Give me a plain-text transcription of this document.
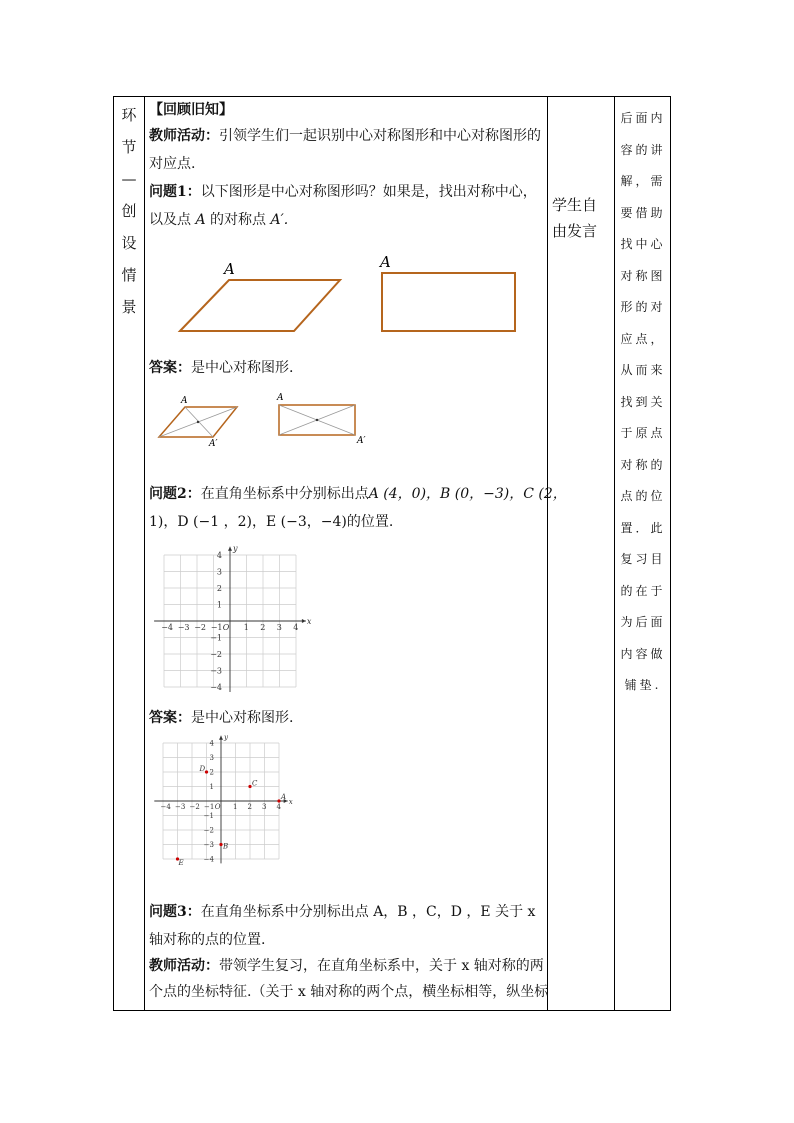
环
节
—
创
设
情
景
【回顾旧知】
教师活动：引领学生们一起识别中心对称图形和中心对称图形的
对应点.
问题1：以下图形是中心对称图形吗？如果是，找出对称中心，
以及点 A 的对称点 A′.
A	A
答案：是中心对称图形.
A
A′
A
A′
问题2：在直角坐标系中分别标出点A (4，0)，B (0，−3)，C (2，
1)，D (−1 ，2)，E (−3，−4)的位置.
−4
−4
−3
−3
−2
−2
−1
−1
1
1
2
2
3
3
4
4
O
x
y
答案：是中心对称图形.
−4
−4
−3
−3
−2
−2
−1
−1
1
1
2
2
3
3
4
4
O
x
y
A
B
C
D
E
问题3：在直角坐标系中分别标出点 A，B ，C，D ，E 关于 x
轴对称的点的位置.
教师活动：带领学生复习，在直角坐标系中，关于 x 轴对称的两
个点的坐标特征.（关于 x 轴对称的两个点，横坐标相等，纵坐标
学生自
由发言
后面内
容的讲
解，需
要借助
找中心
对称图
形的对
应点，
从而来
找到关
于原点
对称的
点的位
置．此
复习目
的在于
为后面
内容做
铺垫.
